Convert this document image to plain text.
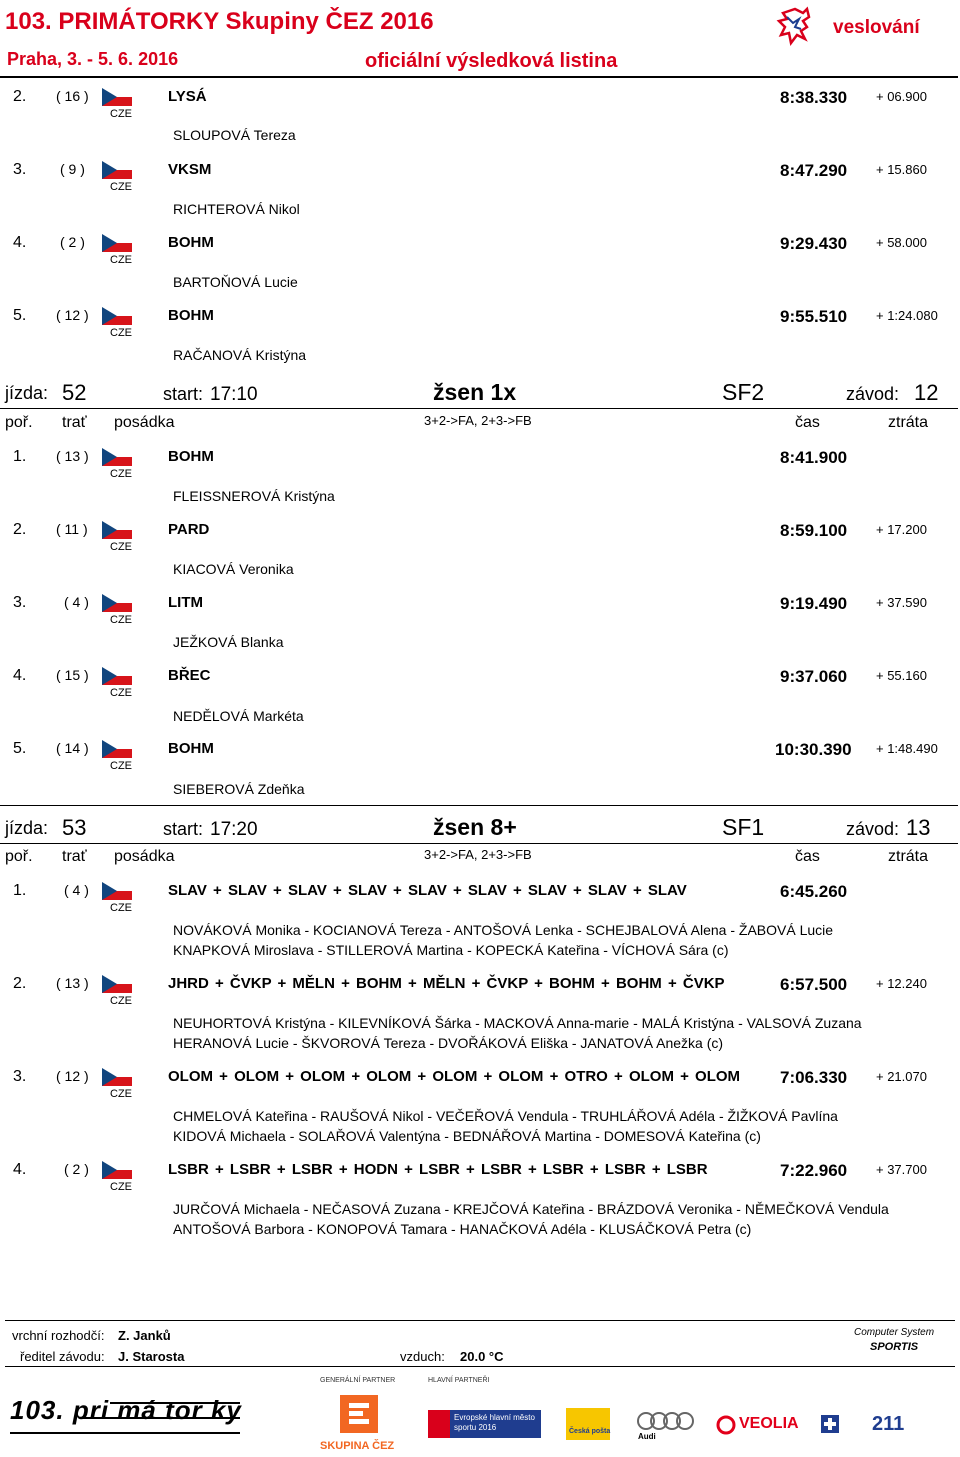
103. PRIMÁTORKY Skupiny ČEZ 2016
Praha, 3. - 5. 6. 2016	oficiální výsledková listina
veslování
2. ( 16 )
CZE
LYSÁ	8:38.330 + 06.900
SLOUPOVÁ Tereza
3. ( 9 )
CZE
VKSM	8:47.290 + 15.860
RICHTEROVÁ Nikol
4. ( 2 )
CZE
BOHM	9:29.430 + 58.000
BARTOŇOVÁ Lucie
5. ( 12 )
CZE
BOHM	9:55.510 + 1:24.080
RAČANOVÁ Kristýna
jízda: 52	start: 17:10	žsen 1x	SF2	závod: 12
poř. trať posádka	3+2->FA, 2+3->FB	čas	ztráta
1. ( 13 )
CZE
BOHM	8:41.900
FLEISSNEROVÁ Kristýna
2. ( 11 )
CZE
PARD	8:59.100 + 17.200
KIACOVÁ Veronika
3.	( 4 )
CZE
LITM	9:19.490 + 37.590
JEŽKOVÁ Blanka
4. ( 15 )
CZE
BŘEC	9:37.060 + 55.160
NEDĚLOVÁ Markéta
5. ( 14 )
CZE
BOHM	10:30.390 + 1:48.490
SIEBEROVÁ Zdeňka
jízda: 53	start: 17:20	žsen 8+	SF1	závod: 13
poř. trať posádka	3+2->FA, 2+3->FB	čas	ztráta
1.	( 4 )
CZE
SLAV + SLAV + SLAV + SLAV + SLAV + SLAV + SLAV + SLAV + SLAV	6:45.260
NOVÁKOVÁ Monika - KOCIANOVÁ Tereza - ANTOŠOVÁ Lenka - SCHEJBALOVÁ Alena - ŽABOVÁ Lucie
KNAPKOVÁ Miroslava - STILLEROVÁ Martina - KOPECKÁ Kateřina - VÍCHOVÁ Sára (c)
2. ( 13 )
CZE
JHRD + ČVKP + MĚLN + BOHM + MĚLN + ČVKP + BOHM + BOHM + ČVKP	6:57.500 + 12.240
NEUHORTOVÁ Kristýna - KILEVNÍKOVÁ Šárka - MACKOVÁ Anna-marie - MALÁ Kristýna - VALSOVÁ Zuzana
HERANOVÁ Lucie - ŠKVOROVÁ Tereza - DVOŘÁKOVÁ Eliška - JANATOVÁ Anežka (c)
3. ( 12 )
CZE
OLOM + OLOM + OLOM + OLOM + OLOM + OLOM + OTRO + OLOM + OLOM 7:06.330 + 21.070
CHMELOVÁ Kateřina - RAUŠOVÁ Nikol - VEČEŘOVÁ Vendula - TRUHLÁŘOVÁ Adéla - ŽIŽKOVÁ Pavlína
KIDOVÁ Michaela - SOLAŘOVÁ Valentýna - BEDNÁŘOVÁ Martina - DOMESOVÁ Kateřina (c)
4.	( 2 )
CZE
LSBR + LSBR + LSBR + HODN + LSBR + LSBR + LSBR + LSBR + LSBR	7:22.960 + 37.700
JURČOVÁ Michaela - NEČASOVÁ Zuzana - KREJČOVÁ Kateřina - BRÁZDOVÁ Veronika - NĚMEČKOVÁ Vendula
ANTOŠOVÁ Barbora - KONOPOVÁ Tamara - HANAČKOVÁ Adéla - KLUSÁČKOVÁ Petra (c)
vrchní rozhodčí: Z. Janků
ředitel závodu: J. Starosta	vzduch: 20.0 °C
Computer System
SPORTIS
GENERÁLNÍ PARTNER	HLAVNÍ PARTNEŘI
103. pri má tor ky
SKUPINA ČEZ
Evropské hlavní město sportu 2016	Česká pošta
Audi
VEOLIA	211
